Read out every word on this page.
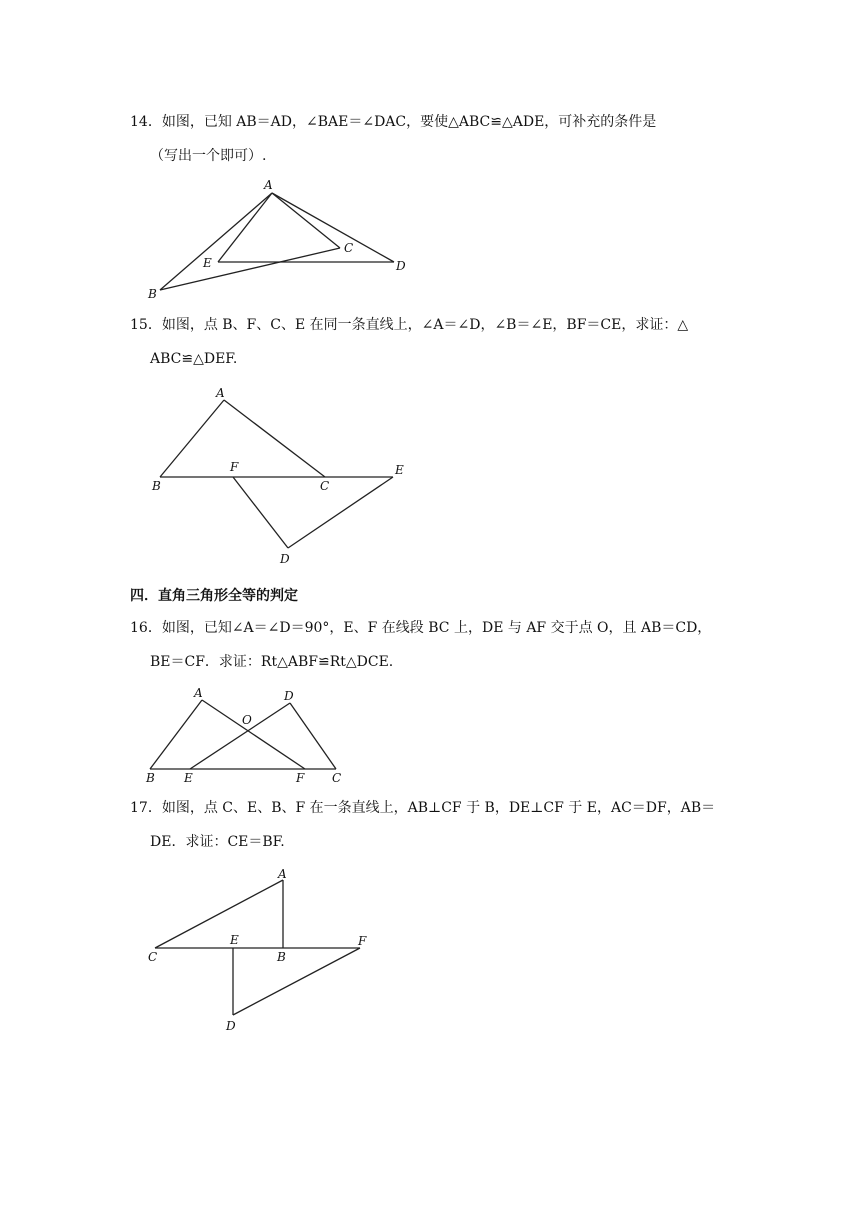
14．如图，已知 AB＝AD，∠BAE＝∠DAC，要使△ABC≌△ADE，可补充的条件是
（写出一个即可）.
15．如图，点 B、F、C、E 在同一条直线上，∠A＝∠D，∠B＝∠E，BF＝CE，求证：△
ABC≌△DEF.
四．直角三角形全等的判定
16．如图，已知∠A＝∠D＝90°，E、F 在线段 BC 上，DE 与 AF 交于点 O，且 AB＝CD，
BE＝CF．求证：Rt△ABF≌Rt△DCE.
17．如图，点 C、E、B、F 在一条直线上，AB⊥CF 于 B，DE⊥CF 于 E，AC＝DF，AB＝
DE．求证：CE＝BF.
A
B
C
D
E
A
B
F
C
E
D
A	D
O
B E	F C
A
C
E
B
F
D
